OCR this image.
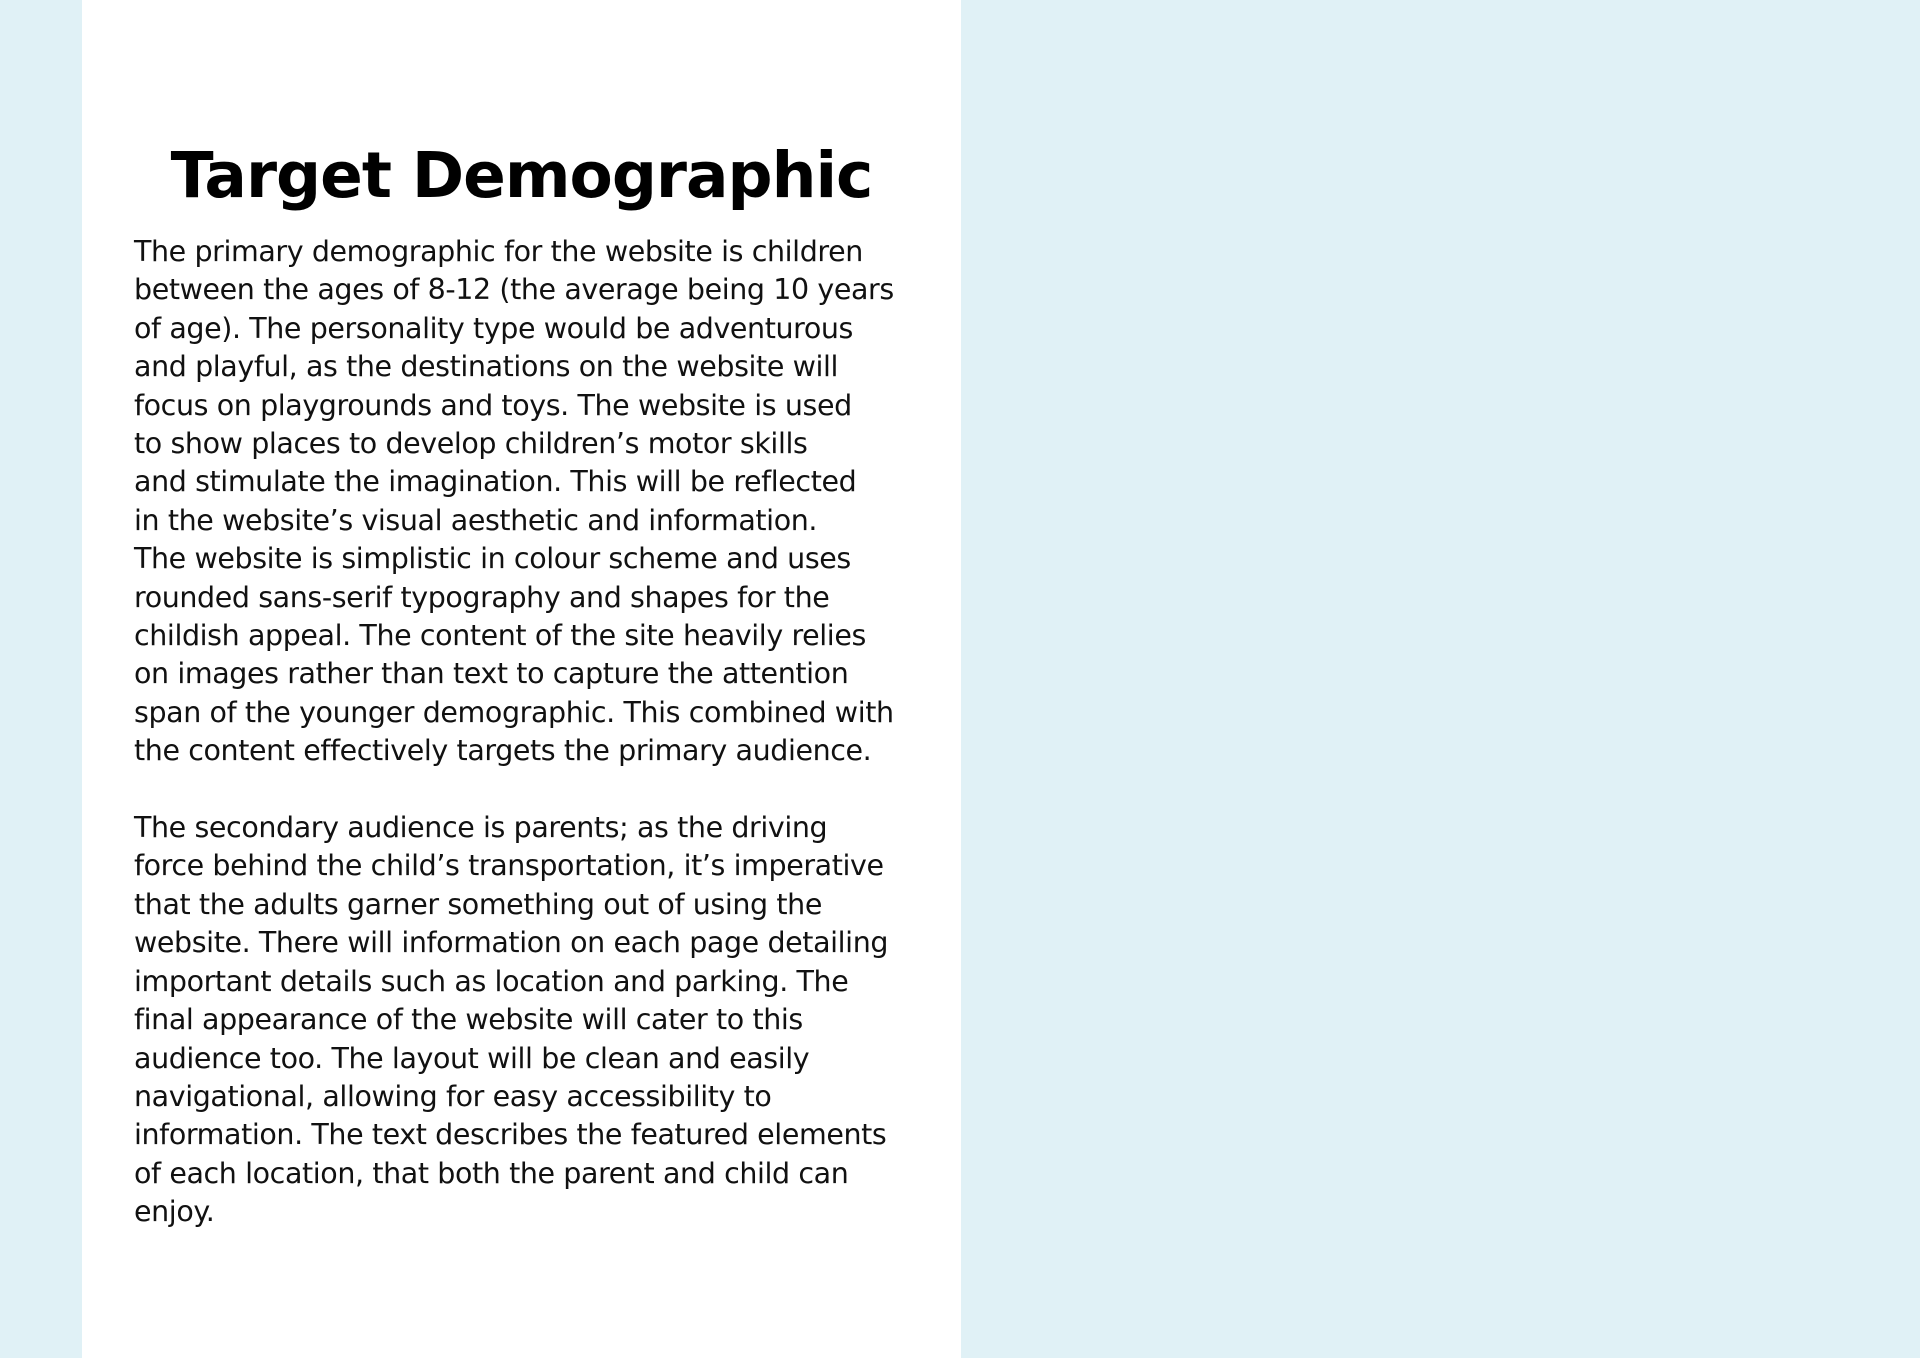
Target Demographic

The primary demographic for the website is children
between the ages of 8-12 (the average being 10 years
of age). The personality type would be adventurous
and playful, as the destinations on the website will
focus on playgrounds and toys. The website is used
to show places to develop children’s motor skills
and stimulate the imagination. This will be reflected
in the website’s visual aesthetic and information.
The website is simplistic in colour scheme and uses
rounded sans-serif typography and shapes for the
childish appeal. The content of the site heavily relies
on images rather than text to capture the attention
span of the younger demographic. This combined with
the content effectively targets the primary audience.

The secondary audience is parents; as the driving
force behind the child’s transportation, it’s imperative
that the adults garner something out of using the
website. There will information on each page detailing
important details such as location and parking. The
final appearance of the website will cater to this
audience too. The layout will be clean and easily
navigational, allowing for easy accessibility to
information. The text describes the featured elements
of each location, that both the parent and child can
enjoy.
